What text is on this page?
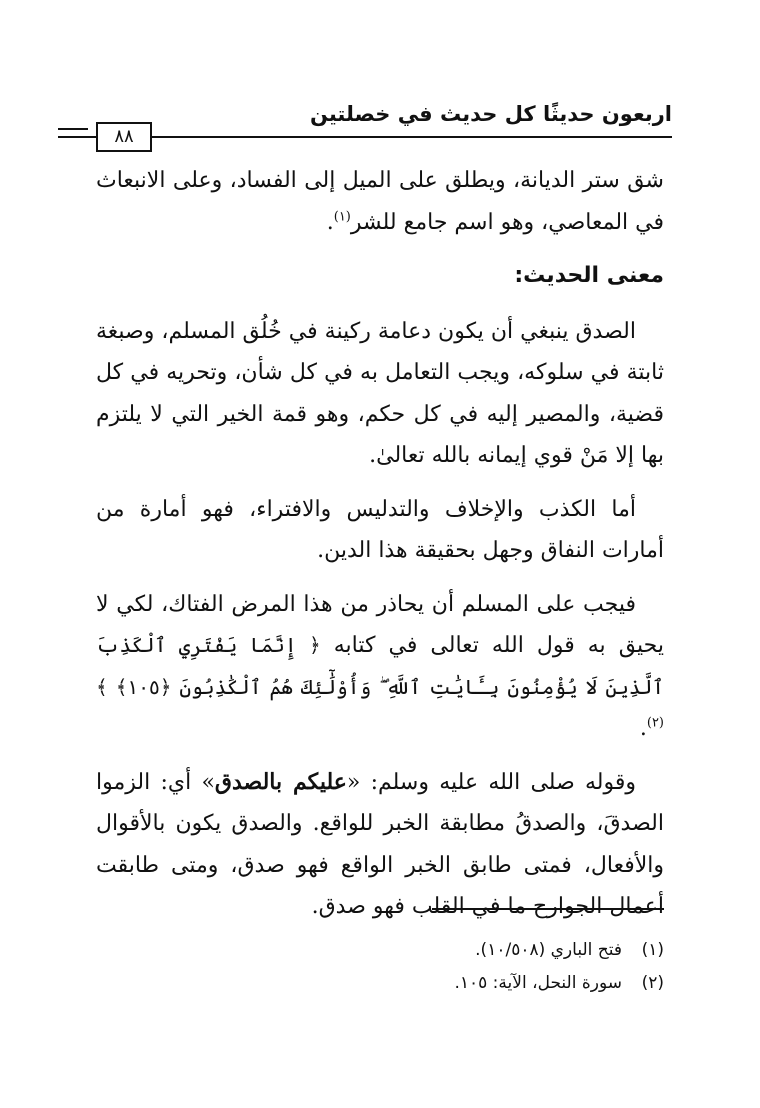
اربعون حديثًا كل حديث في خصلتين
٨٨

شق ستر الديانة، ويطلق على الميل إلى الفساد، وعلى الانبعاث في المعاصي، وهو اسم جامع للشر$^{(١)}$.

معنى الحديث:

الصدق ينبغي أن يكون دعامة ركينة في خُلُق المسلم، وصبغة ثابتة في سلوكه، ويجب التعامل به في كل شأن، وتحريه في كل قضية، والمصير إليه في كل حكم، وهو قمة الخير التي لا يلتزم بها إلا مَنْ قوي إيمانه بالله تعالىٰ.

أما الكذب والإخلاف والتدليس والافتراء، فهو أمارة من أمارات النفاق وجهل بحقيقة هذا الدين.

فيجب على المسلم أن يحاذر من هذا المرض الفتاك، لكي لا يحيق به قول الله تعالى في كتابه ﴿ إِنَّمَا يَفْتَرِي ٱلْكَذِبَ ٱلَّذِينَ لَا يُؤْمِنُونَ بِـَٔايَٰتِ ٱللَّهِ ۖ وَأُوْلَٰٓئِكَ هُمُ ٱلْكَٰذِبُونَ ﴿١٠٥﴾ ﴾$^{(٢)}$.

وقوله صلى الله عليه وسلم: «عليكم بالصدق» أي: الزموا الصدقَ، والصدقُ مطابقة الخبر للواقع. والصدق يكون بالأقوال والأفعال، فمتى طابق الخبر الواقع فهو صدق، ومتى طابقت أعمال الجوارح ما في القلب فهو صدق.

(١)فتح الباري (١٠/٥٠٨).

(٢)سورة النحل، الآية: ١٠٥.
